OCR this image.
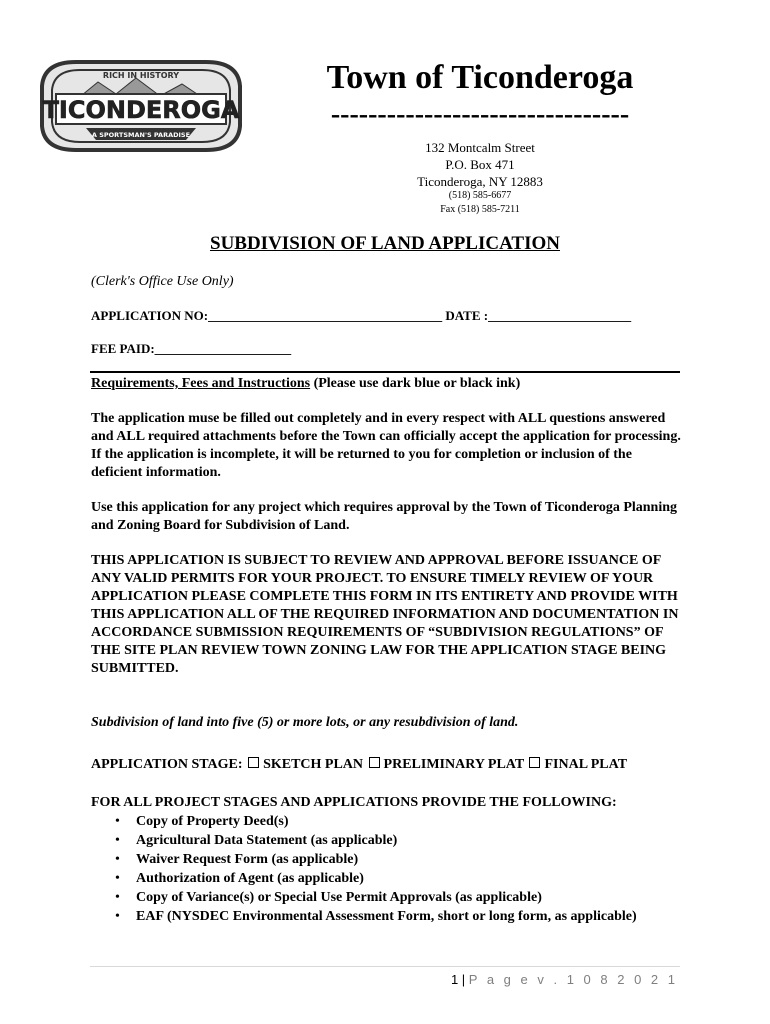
RICH IN HISTORY
TICONDEROGA
A SPORTSMAN'S PARADISE
Town of Ticonderoga
--------------------------------
132 Montcalm Street
P.O. Box 471
Ticonderoga, NY 12883
(518) 585-6677
Fax (518) 585-7211
SUBDIVISION OF LAND APPLICATION
(Clerk's Office Use Only)
APPLICATION NO:____________________________________ DATE :______________________
FEE PAID:_____________________
Requirements, Fees and Instructions (Please use dark blue or black ink)
The application muse be filled out completely and in every respect with ALL questions answered and ALL required attachments before the Town can officially accept the application for processing. If the application is incomplete, it will be returned to you for completion or inclusion of the deficient information.
Use this application for any project which requires approval by the Town of Ticonderoga Planning and Zoning Board for Subdivision of Land.
THIS APPLICATION IS SUBJECT TO REVIEW AND APPROVAL BEFORE ISSUANCE OF ANY VALID PERMITS FOR YOUR PROJECT. TO ENSURE TIMELY REVIEW OF YOUR APPLICATION PLEASE COMPLETE THIS FORM IN ITS ENTIRETY AND PROVIDE WITH THIS APPLICATION ALL OF THE REQUIRED INFORMATION AND DOCUMENTATION IN ACCORDANCE SUBMISSION REQUIREMENTS OF “SUBDIVISION REGULATIONS” OF THE SITE PLAN REVIEW TOWN ZONING LAW FOR THE APPLICATION STAGE BEING SUBMITTED.
Subdivision of land into five (5) or more lots, or any resubdivision of land.
APPLICATION STAGE: SKETCH PLAN PRELIMINARY PLAT FINAL PLAT
FOR ALL PROJECT STAGES AND APPLICATIONS PROVIDE THE FOLLOWING:
• Copy of Property Deed(s)
• Agricultural Data Statement (as applicable)
• Waiver Request Form (as applicable)
• Authorization of Agent (as applicable)
• Copy of Variance(s) or Special Use Permit Approvals (as applicable)
• EAF (NYSDEC Environmental Assessment Form, short or long form, as applicable)
1 | P a g e v . 1 0 8 2 0 2 1
